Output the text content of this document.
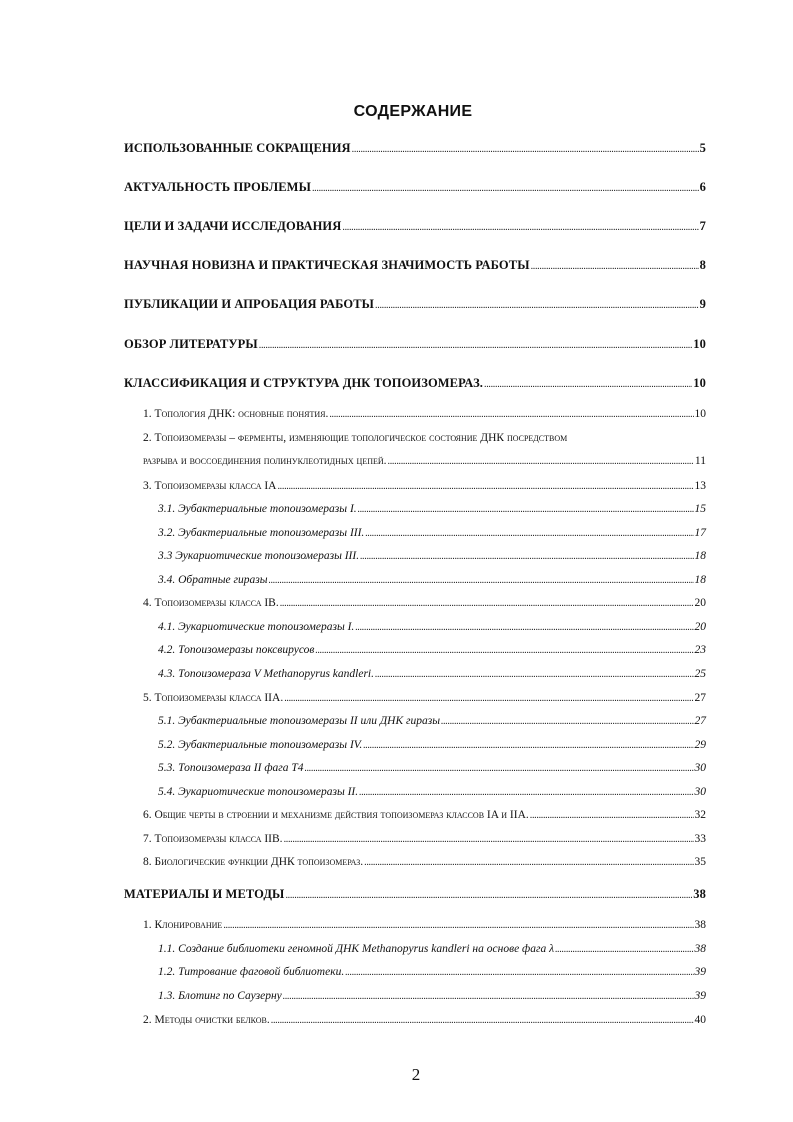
СОДЕРЖАНИЕ
ИСПОЛЬЗОВАННЫЕ СОКРАЩЕНИЯ .....	5
АКТУАЛЬНОСТЬ ПРОБЛЕМЫ .....	6
ЦЕЛИ И ЗАДАЧИ ИССЛЕДОВАНИЯ .....	7
НАУЧНАЯ НОВИЗНА И ПРАКТИЧЕСКАЯ ЗНАЧИМОСТЬ РАБОТЫ .....	8
ПУБЛИКАЦИИ И АПРОБАЦИЯ РАБОТЫ .....	9
ОБЗОР ЛИТЕРАТУРЫ .....	10
КЛАССИФИКАЦИЯ И СТРУКТУРА ДНК ТОПОИЗОМЕРАЗ. .....	10
1. Топология ДНК: основные понятия. .....	10
2. Топоизомеразы – ферменты, изменяющие топологическое состояние ДНК посредством
разрыва и воссоединения полинуклеотидных цепей. .....	11
3. Топоизомеразы класса IA .....	13
3.1. Эубактериальные топоизомеразы I. .....	15
3.2. Эубактериальные топоизомеразы III. .....	17
3.3 Эукариотические топоизомеразы III. .....	18
3.4. Обратные гиразы .....	18
4. Топоизомеразы класса IB. .....	20
4.1. Эукариотические топоизомеразы I. .....	20
4.2. Топоизомеразы поксвирусов .....	23
4.3. Топоизомераза V Methanopyrus kandleri. .....	25
5. Топоизомеразы класса IIA. .....	27
5.1. Эубактериальные топоизомеразы II или ДНК гиразы .....	27
5.2. Эубактериальные топоизомеразы IV. .....	29
5.3. Топоизомераза II фага T4 .....	30
5.4. Эукариотические топоизомеразы II. .....	30
6. Общие черты в строении и механизме действия топоизомераз классов IA и IIA. .....	32
7. Топоизомеразы класса IIB. .....	33
8. Биологические функции ДНК топоизомераз. .....	35
МАТЕРИАЛЫ И МЕТОДЫ .....	38
1. Клонирование .....	38
1.1. Создание библиотеки геномной ДНК Methanopyrus kandleri на основе фага λ .....	38
1.2. Титрование фаговой библиотеки. .....	39
1.3. Блотинг по Саузерну .....	39
2. Методы очистки белков. .....	40
2
